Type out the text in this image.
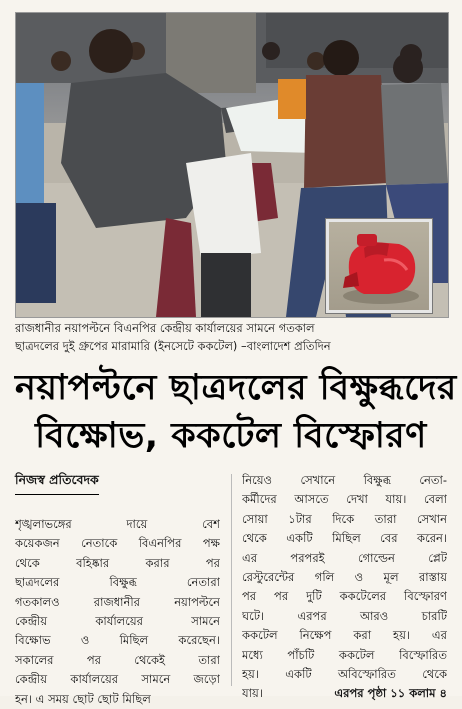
রাজধানীর নয়াপল্টনে বিএনপির কেন্দ্রীয় কার্যালয়ের সামনে গতকাল
ছাত্রদলের দুই গ্রুপের মারামারি (ইনসেটে ককটেল) –বাংলাদেশ প্রতিদিন
নয়াপল্টনে ছাত্রদলের বিক্ষুব্ধদের
বিক্ষোভ, ককটেল বিস্ফোরণ
নিজস্ব প্রতিবেদক
শৃঙ্খলাভঙ্গের দায়ে বেশ
কয়েকজন নেতাকে বিএনপির পক্ষ
থেকে বহিষ্কার করার পর
ছাত্রদলের বিক্ষুব্ধ নেতারা
গতকালও রাজধানীর নয়াপল্টনে
কেন্দ্রীয় কার্যালয়ের সামনে
বিক্ষোভ ও মিছিল করেছেন।
সকালের পর থেকেই তারা
কেন্দ্রীয় কার্যালয়ের সামনে জড়ো
হন। এ সময় ছোট ছোট মিছিল
নিয়েও সেখানে বিক্ষুব্ধ নেতা-
কর্মীদের আসতে দেখা যায়। বেলা
সোয়া ১টার দিকে তারা সেখান
থেকে একটি মিছিল বের করেন।
এর পরপরই গোল্ডেন প্লেট
রেস্টুরেন্টের গলি ও মূল রাস্তায়
পর পর দুটি ককটেলের বিস্ফোরণ
ঘটে। এরপর আরও চারটি
ককটেল নিক্ষেপ করা হয়। এর
মধ্যে পাঁচটি ককটেল বিস্ফোরিত
হয়। একটি অবিস্ফোরিত থেকে
যায়।	এরপর পৃষ্ঠা ১১ কলাম ৪
